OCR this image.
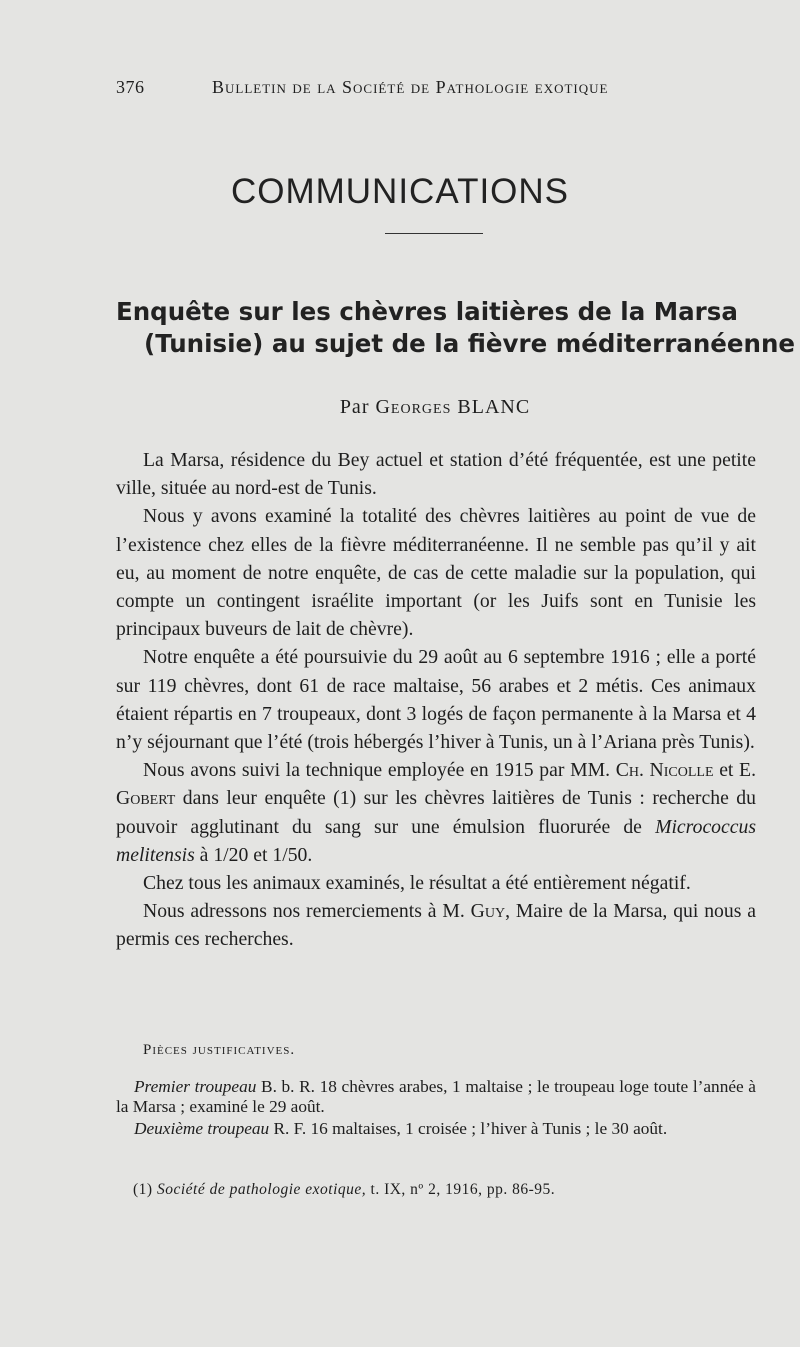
376	Bulletin de la Société de Pathologie exotique
COMMUNICATIONS
Enquête sur les chèvres laitières de la Marsa
(Tunisie) au sujet de la fièvre méditerranéenne
Par Georges BLANC

La Marsa, résidence du Bey actuel et station d’été fréquentée, est une petite ville, située au nord-est de Tunis.

Nous y avons examiné la totalité des chèvres laitières au point de vue de l’existence chez elles de la fièvre méditerranéenne. Il ne semble pas qu’il y ait eu, au moment de notre enquête, de cas de cette maladie sur la population, qui compte un contingent israélite important (or les Juifs sont en Tunisie les principaux buveurs de lait de chèvre).

Notre enquête a été poursuivie du 29 août au 6 septembre 1916 ; elle a porté sur 119 chèvres, dont 61 de race maltaise, 56 arabes et 2 métis. Ces animaux étaient répartis en 7 troupeaux, dont 3 logés de façon permanente à la Marsa et 4 n’y séjournant que l’été (trois hébergés l’hiver à Tunis, un à l’Ariana près Tunis).

Nous avons suivi la technique employée en 1915 par MM. Ch. Nicolle et E. Gobert dans leur enquête (1) sur les chèvres laitières de Tunis : recherche du pouvoir agglutinant du sang sur une émulsion fluorurée de Micrococcus melitensis à 1/20 et 1/50.

Chez tous les animaux examinés, le résultat a été entièrement négatif.

Nous adressons nos remerciements à M. Guy, Maire de la Marsa, qui nous a permis ces recherches.

Pièces justificatives.

Premier troupeau B. b. R. 18 chèvres arabes, 1 maltaise ; le troupeau loge toute l’année à la Marsa ; examiné le 29 août.

Deuxième troupeau R. F. 16 maltaises, 1 croisée ; l’hiver à Tunis ; le 30 août.

(1) Société de pathologie exotique, t. IX, nº 2, 1916, pp. 86-95.
